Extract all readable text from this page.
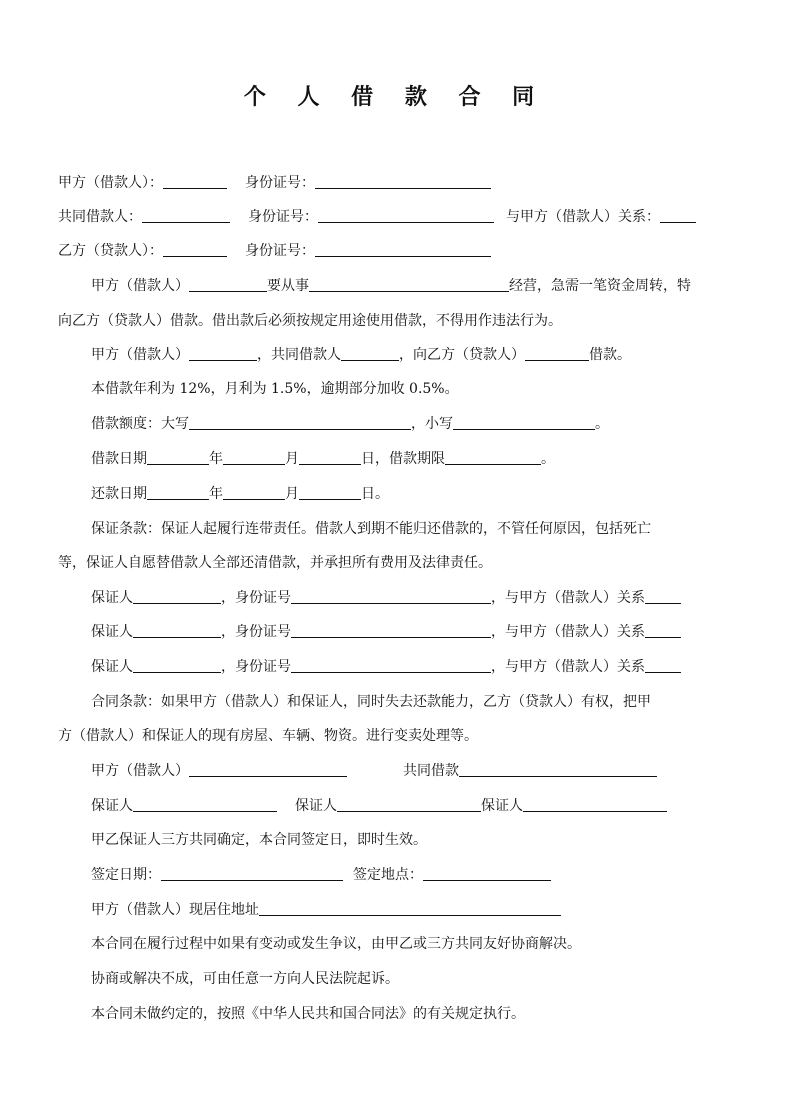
个 人 借 款 合 同
甲方（借款人）：	身份证号：
共同借款人：	身份证号：	与甲方（借款人）关系：
乙方（贷款人）：	身份证号：
甲方（借款人）	要从事	经营，急需一笔资金周转，特
向乙方（贷款人）借款。借出款后必须按规定用途使用借款，不得用作违法行为。
甲方（借款人）	，共同借款人	，向乙方（贷款人）	借款。
本借款年利为 12%，月利为 1.5%，逾期部分加收 0.5%。
借款额度：大写	，小写	。
借款日期	年	月	日，借款期限	。
还款日期	年	月	日。
保证条款：保证人起履行连带责任。借款人到期不能归还借款的，不管任何原因，包括死亡
等，保证人自愿替借款人全部还清借款，并承担所有费用及法律责任。
保证人	，身份证号	，与甲方（借款人）关系
保证人	，身份证号	，与甲方（借款人）关系
保证人	，身份证号	，与甲方（借款人）关系
合同条款：如果甲方（借款人）和保证人，同时失去还款能力，乙方（贷款人）有权，把甲
方（借款人）和保证人的现有房屋、车辆、物资。进行变卖处理等。
甲方（借款人）	共同借款
保证人	保证人	保证人
甲乙保证人三方共同确定，本合同签定日，即时生效。
签定日期：	签定地点：
甲方（借款人）现居住地址
本合同在履行过程中如果有变动或发生争议，由甲乙或三方共同友好协商解决。
协商或解决不成，可由任意一方向人民法院起诉。
本合同未做约定的，按照《中华人民共和国合同法》的有关规定执行。
